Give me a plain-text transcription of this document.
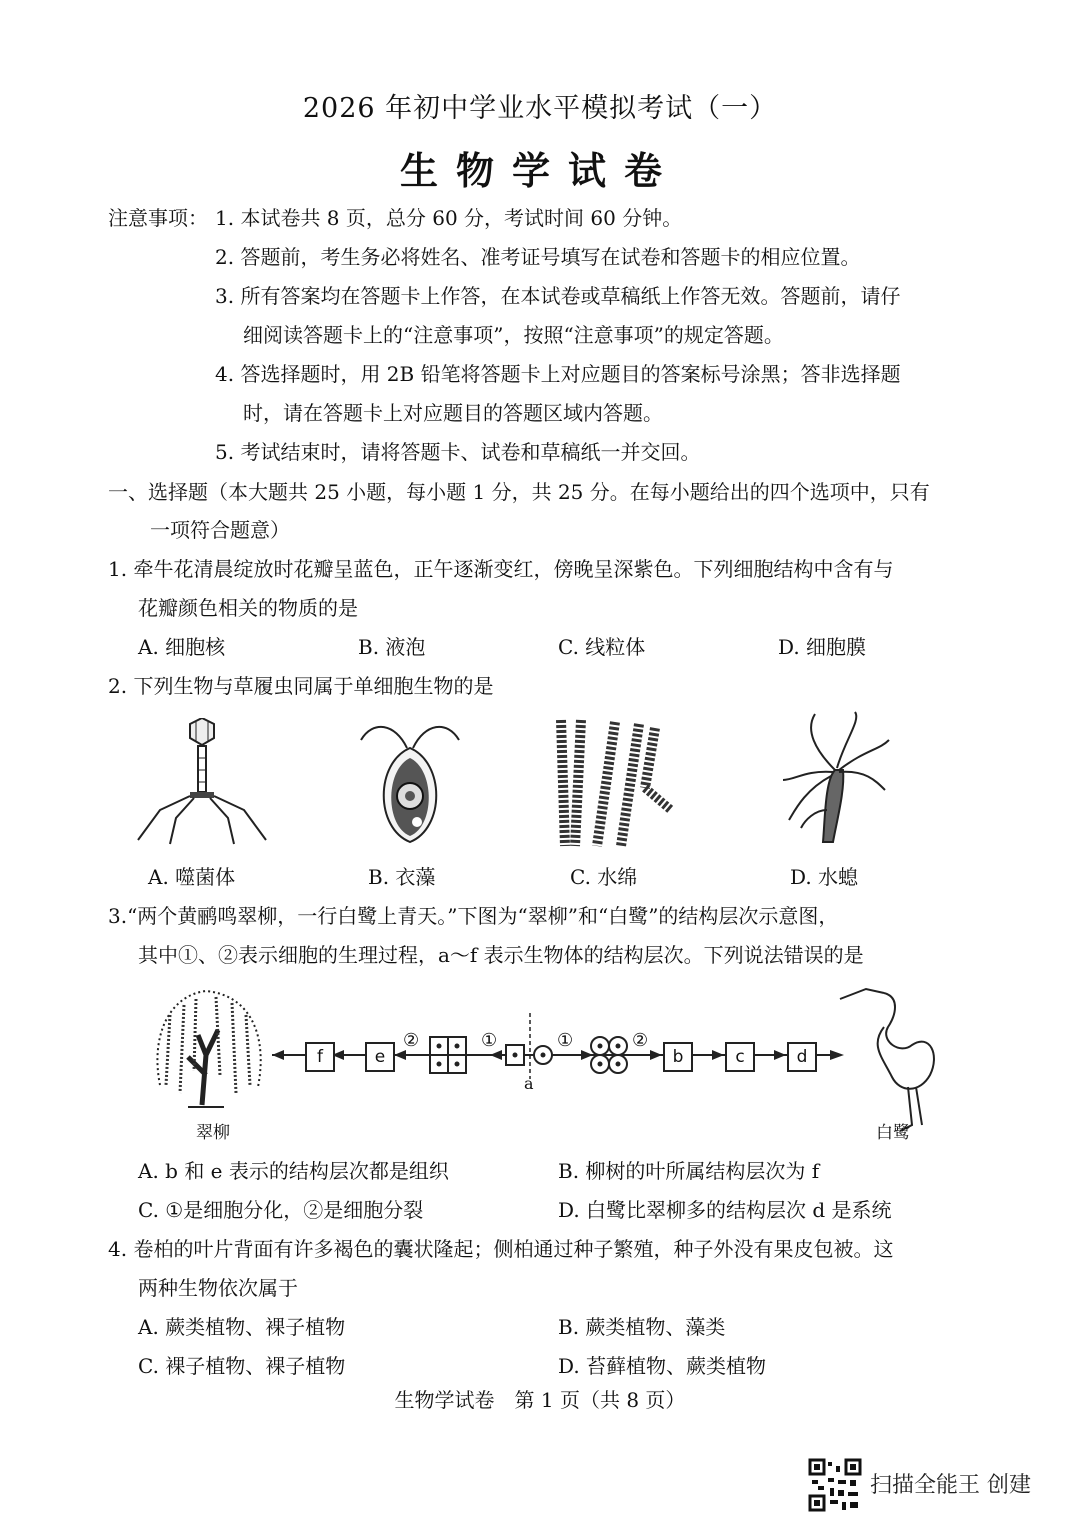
2026 年初中学业水平模拟考试（一）
生物学试卷
注意事项： 1. 本试卷共 8 页，总分 60 分，考试时间 60 分钟。
2. 答题前，考生务必将姓名、准考证号填写在试卷和答题卡的相应位置。
3. 所有答案均在答题卡上作答，在本试卷或草稿纸上作答无效。答题前，请仔
细阅读答题卡上的“注意事项”，按照“注意事项”的规定答题。
4. 答选择题时，用 2B 铅笔将答题卡上对应题目的答案标号涂黑；答非选择题
时，请在答题卡上对应题目的答题区域内答题。
5. 考试结束时，请将答题卡、试卷和草稿纸一并交回。
一、选择题（本大题共 25 小题，每小题 1 分，共 25 分。在每小题给出的四个选项中，只有
一项符合题意）
1. 牵牛花清晨绽放时花瓣呈蓝色，正午逐渐变红，傍晚呈深紫色。下列细胞结构中含有与
花瓣颜色相关的物质的是
A. 细胞核	B. 液泡	C. 线粒体	D. 细胞膜
2. 下列生物与草履虫同属于单细胞生物的是
A. 噬菌体	B. 衣藻	C. 水绵	D. 水螅
3.“两个黄鹂鸣翠柳，一行白鹭上青天。”下图为“翠柳”和“白鹭”的结构层次示意图，
其中①、②表示细胞的生理过程，a～f 表示生物体的结构层次。下列说法错误的是
f	e	b	c	d
②	①	①	②
a
翠柳	白鹭
A. b 和 e 表示的结构层次都是组织	B. 柳树的叶所属结构层次为 f
C. ①是细胞分化，②是细胞分裂	D. 白鹭比翠柳多的结构层次 d 是系统
4. 卷柏的叶片背面有许多褐色的囊状隆起；侧柏通过种子繁殖，种子外没有果皮包被。这
两种生物依次属于
A. 蕨类植物、裸子植物	B. 蕨类植物、藻类
C. 裸子植物、裸子植物	D. 苔藓植物、蕨类植物
生物学试卷　第 1 页（共 8 页）
扫描全能王 创建
